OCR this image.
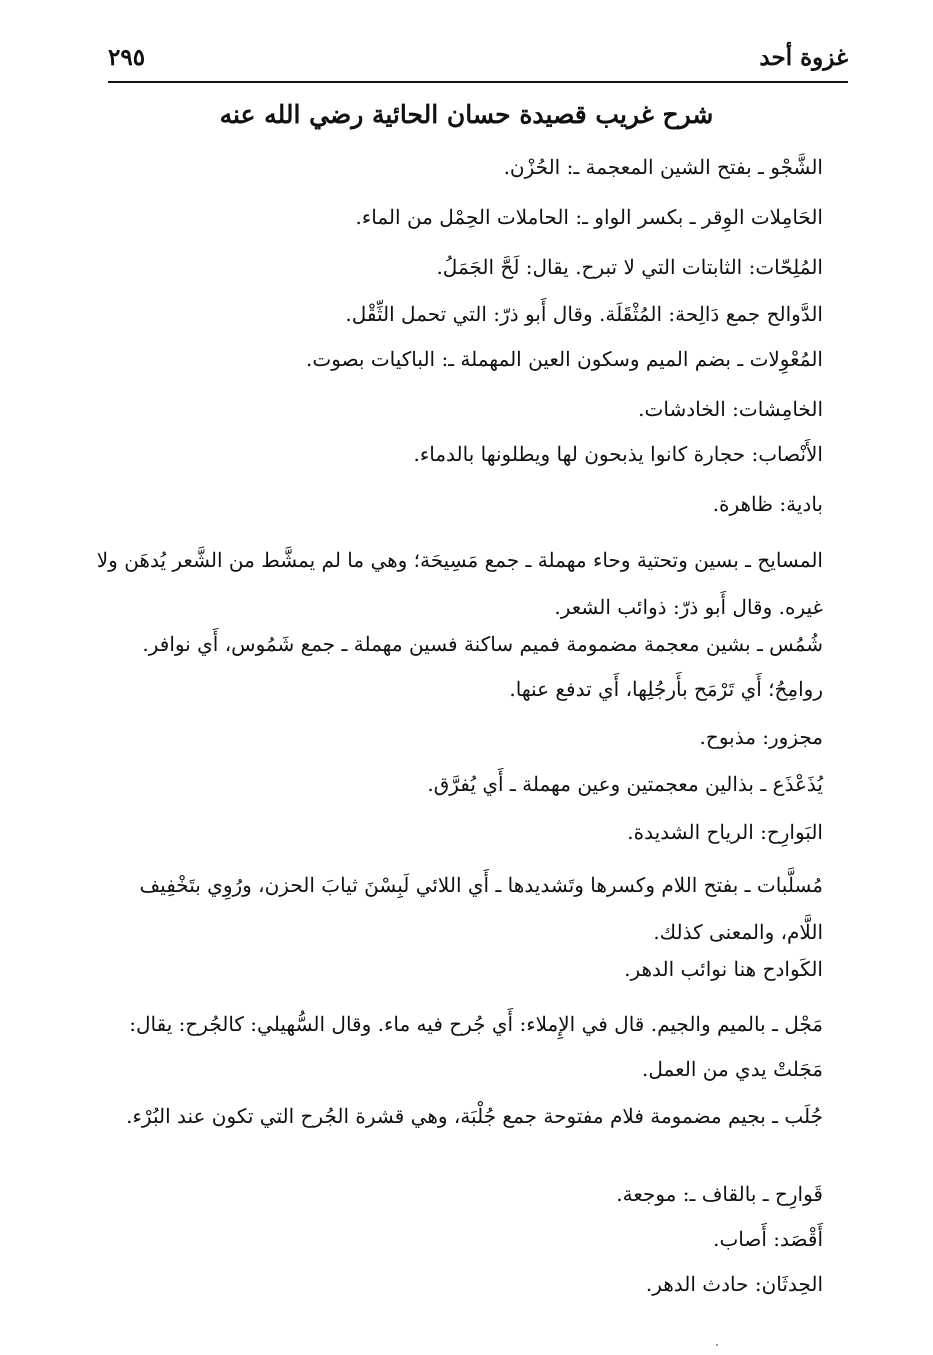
غزوة أحد
٢٩٥
شرح غريب قصيدة حسان الحائية رضي الله عنه
الشَّجْو ـ بفتح الشين المعجمة ـ: الحُزْن.
الحَامِلات الوِقر ـ بكسر الواو ـ: الحاملات الحِمْل من الماء.
المُلِحّات: الثابتات التي لا تبرح. يقال: لَحَّ الجَمَلُ.
الدَّوالح جمع دَالِحة: المُثْقَلَة. وقال أَبو ذرّ: التي تحمل الثِّقْل.
المُعْوِلات ـ بضم الميم وسكون العين المهملة ـ: الباكيات بصوت.
الخامِشات: الخادشات.
الأَنْصاب: حجارة كانوا يذبحون لها ويطلونها بالدماء.
بادية: ظاهرة.
المسايح ـ بسين وتحتية وحاء مهملة ـ جمع مَسِيحَة؛ وهي ما لم يمشَّط من الشَّعر يُدهَن ولا غيره. وقال أَبو ذرّ: ذوائب الشعر.
شُمُس ـ بشين معجمة مضمومة فميم ساكنة فسين مهملة ـ جمع شَمُوس، أَي نوافر.
روامِحُ؛ أَي تَرْمَح بأَرجُلِها، أَي تدفع عنها.
مجزور: مذبوح.
يُذَعْذَع ـ بذالين معجمتين وعين مهملة ـ أَي يُفرَّق.
البَوارِح: الرياح الشديدة.
مُسلَّبات ـ بفتح اللام وكسرها وتَشديدها ـ أَي اللائي لَبِسْنَ ثيابَ الحزن، ورُوِي بتَخْفِيف اللَّام، والمعنى كذلك.
الكَوادح هنا نوائب الدهر.
مَجْل ـ بالميم والجيم. قال في الإِملاء: أَي جُرح فيه ماء. وقال السُّهيلي: كالجُرح: يقال: مَجَلتْ يدي من العمل.
جُلَب ـ بجيم مضمومة فلام مفتوحة جمع جُلْبَة، وهي قشرة الجُرح التي تكون عند البُرْء.
قَوارِح ـ بالقاف ـ: موجعة.
أَقْصَد: أَصاب.
الحِدثَان: حادث الدهر.
